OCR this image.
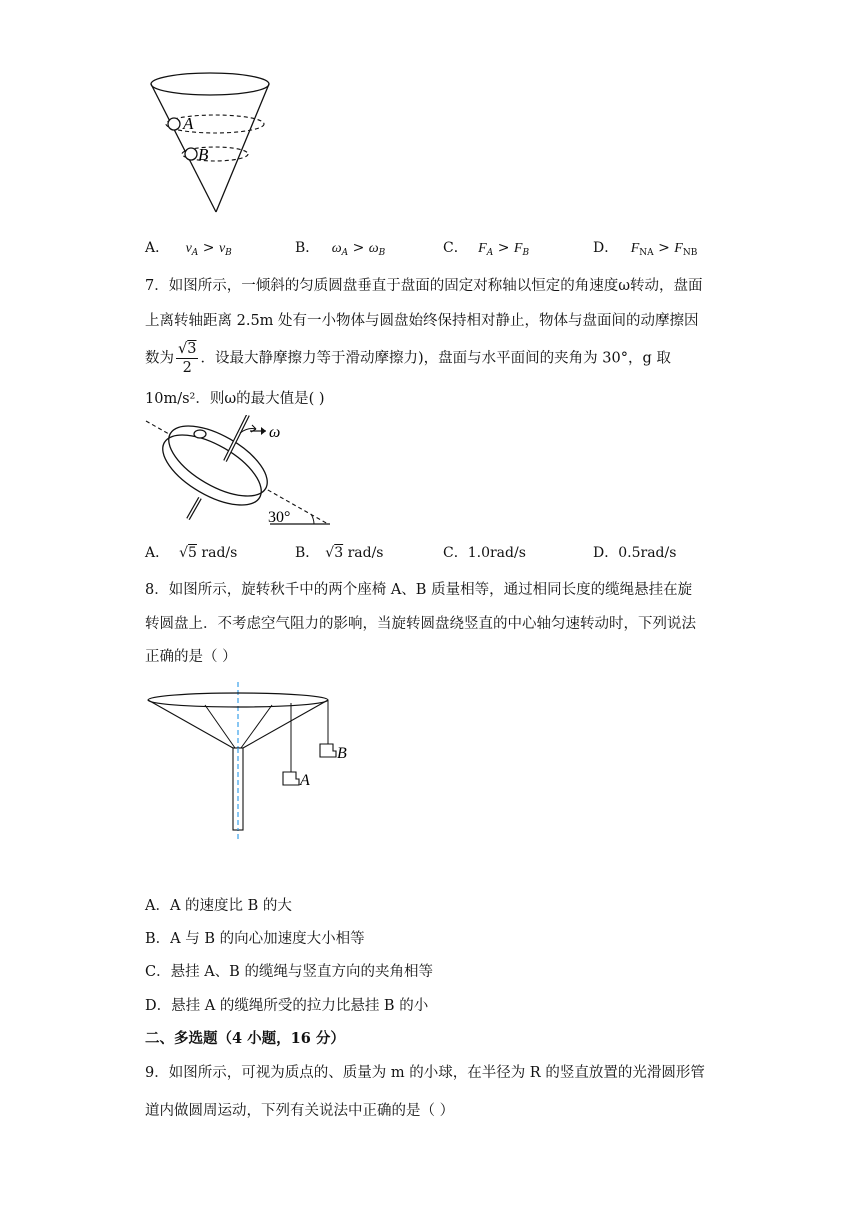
A
B
A． $v_A > v_B$	B． $\omega_A > \omega_B$	C． $F_A > F_B$	D． $F_{NA} > F_{NB}$
7．如图所示，一倾斜的匀质圆盘垂直于盘面的固定对称轴以恒定的角速度ω转动，盘面
上离转轴距离 2.5m 处有一小物体与圆盘始终保持相对静止，物体与盘面间的动摩擦因
数为 $\frac{√3}{2}$ ．设最大静摩擦力等于滑动摩擦力)，盘面与水平面间的夹角为 30°，g 取
10m/s²．则ω的最大值是( )
ω
30°
A． √5 rad/s	B． √3 rad/s	C．1.0rad/s	D．0.5rad/s
8．如图所示，旋转秋千中的两个座椅 A、B 质量相等，通过相同长度的缆绳悬挂在旋
转圆盘上．不考虑空气阻力的影响，当旋转圆盘绕竖直的中心轴匀速转动时，下列说法
正确的是（ ）
A
B
A．A 的速度比 B 的大
B．A 与 B 的向心加速度大小相等
C．悬挂 A、B 的缆绳与竖直方向的夹角相等
D．悬挂 A 的缆绳所受的拉力比悬挂 B 的小
二、多选题（4 小题，16 分）
9．如图所示，可视为质点的、质量为 m 的小球，在半径为 R 的竖直放置的光滑圆形管
道内做圆周运动，下列有关说法中正确的是（ ）
